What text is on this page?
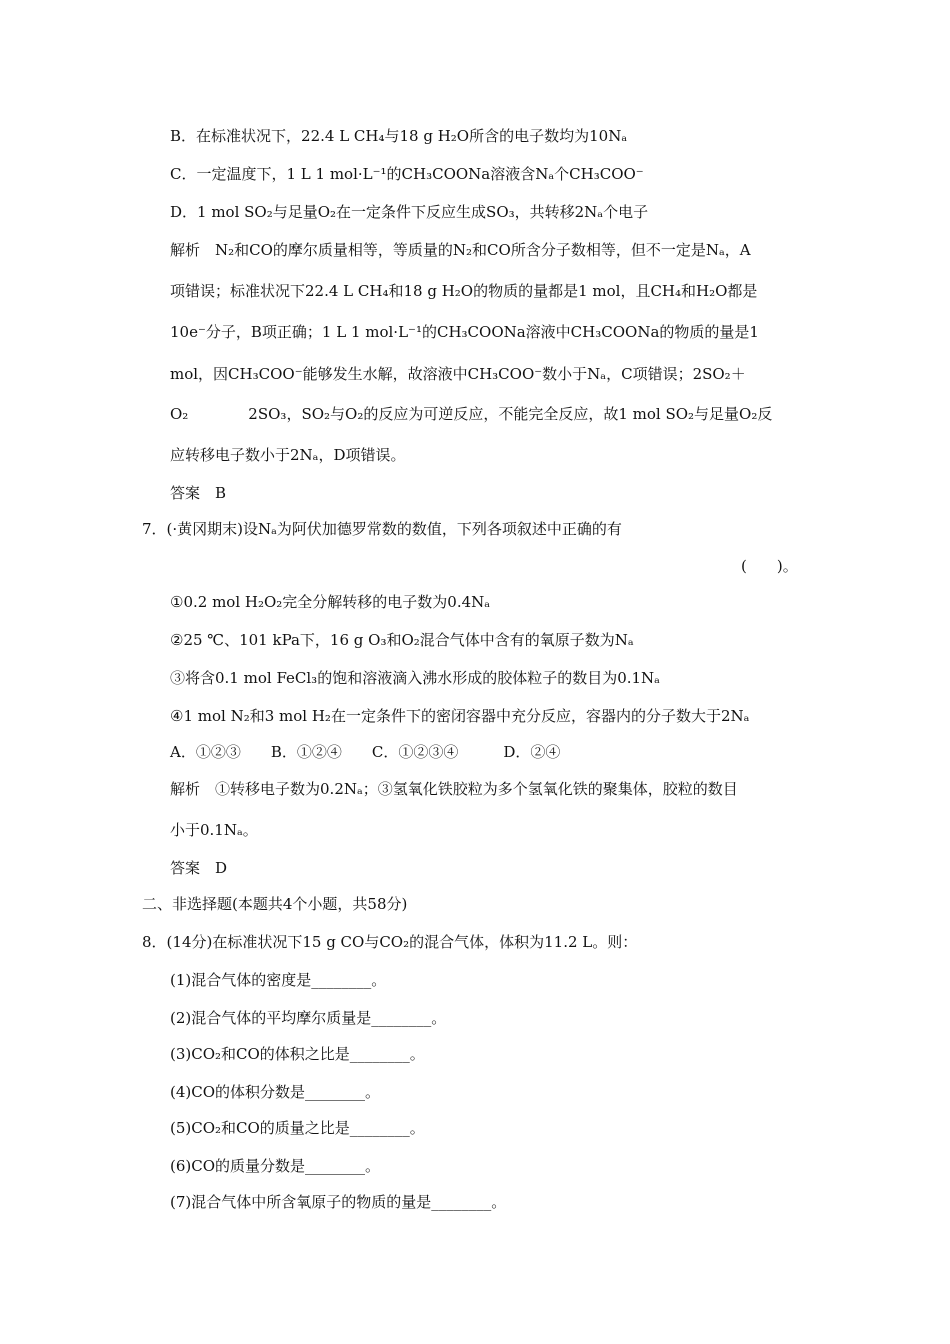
B．在标准状况下，22.4 L CH₄与18 g H₂O所含的电子数均为10Nₐ
C．一定温度下，1 L 1 mol·L⁻¹的CH₃COONa溶液含Nₐ个CH₃COO⁻
D．1 mol SO₂与足量O₂在一定条件下反应生成SO₃，共转移2Nₐ个电子
解析　N₂和CO的摩尔质量相等，等质量的N₂和CO所含分子数相等，但不一定是Nₐ，A
项错误；标准状况下22.4 L CH₄和18 g H₂O的物质的量都是1 mol，且CH₄和H₂O都是
10e⁻分子，B项正确；1 L 1 mol·L⁻¹的CH₃COONa溶液中CH₃COONa的物质的量是1
mol，因CH₃COO⁻能够发生水解，故溶液中CH₃COO⁻数小于Nₐ，C项错误；2SO₂＋
O₂　　　　2SO₃，SO₂与O₂的反应为可逆反应，不能完全反应，故1 mol SO₂与足量O₂反
应转移电子数小于2Nₐ，D项错误。
答案　B
7．(·黄冈期末)设Nₐ为阿伏加德罗常数的数值，下列各项叙述中正确的有
(　　)。
①0.2 mol H₂O₂完全分解转移的电子数为0.4Nₐ
②25 ℃、101 kPa下，16 g O₃和O₂混合气体中含有的氧原子数为Nₐ
③将含0.1 mol FeCl₃的饱和溶液滴入沸水形成的胶体粒子的数目为0.1Nₐ
④1 mol N₂和3 mol H₂在一定条件下的密闭容器中充分反应，容器内的分子数大于2Nₐ
A．①②③　　B．①②④　　C．①②③④　　　D．②④
解析　①转移电子数为0.2Nₐ；③氢氧化铁胶粒为多个氢氧化铁的聚集体，胶粒的数目
小于0.1Nₐ。
答案　D
二、非选择题(本题共4个小题，共58分)
8．(14分)在标准状况下15 g CO与CO₂的混合气体，体积为11.2 L。则：
(1)混合气体的密度是________。
(2)混合气体的平均摩尔质量是________。
(3)CO₂和CO的体积之比是________。
(4)CO的体积分数是________。
(5)CO₂和CO的质量之比是________。
(6)CO的质量分数是________。
(7)混合气体中所含氧原子的物质的量是________。
